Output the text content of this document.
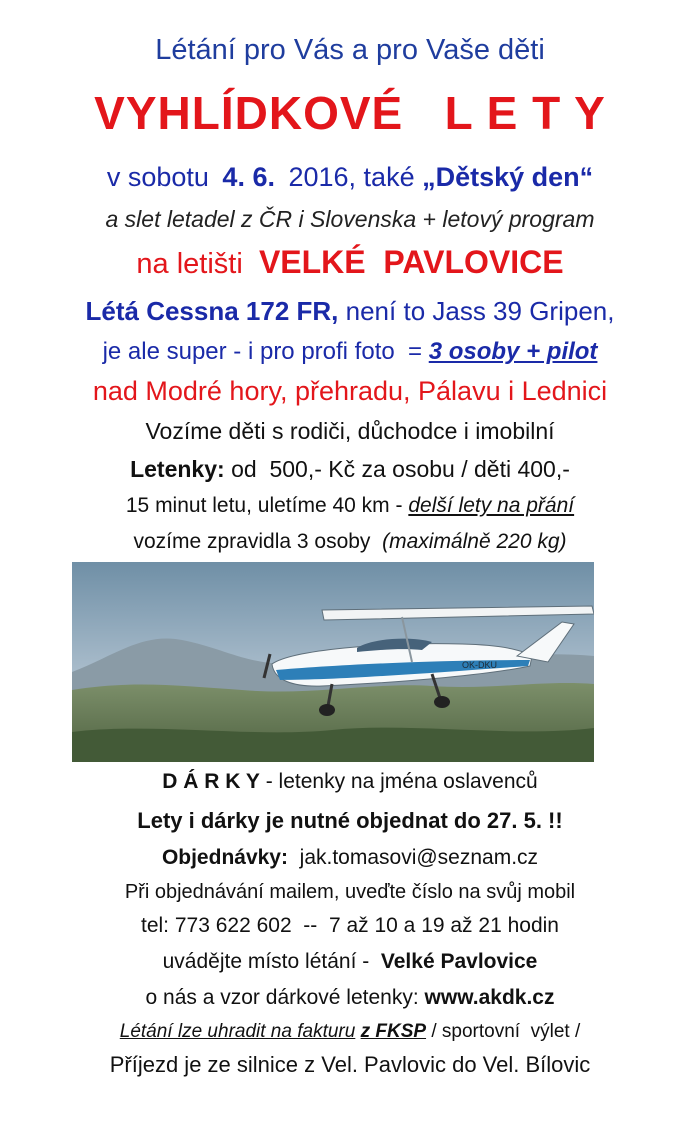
Létání pro Vás a pro Vaše děti
VYHLÍDKOVÉ L E T Y
v sobotu 4. 6. 2016, také „Dětský den“
a slet letadel z ČR i Slovenska + letový program
na letišti VELKÉ  PAVLOVICE
Létá Cessna 172 FR, není to Jass 39 Gripen,
je ale super - i pro profi foto  = 3 osoby + pilot
nad Modré hory, přehradu, Pálavu i Lednici
Vozíme děti s rodiči, důchodce i imobilní
Letenky: od  500,- Kč za osobu / děti 400,-
15 minut letu, uletíme 40 km - delší lety na přání
vozíme zpravidla 3 osoby (maximálně 220 kg)
OK-DKU
D Á R K Y - letenky na jména oslavenců
Lety i dárky je nutné objednat do 27. 5. !!
Objednávky: jak.tomasovi@seznam.cz
Při objednávání mailem, uveďte číslo na svůj mobil
tel: 773 622 602  --  7 až 10 a 19 až 21 hodin
uvádějte místo létání - Velké Pavlovice
o nás a vzor dárkové letenky: www.akdk.cz
Létání lze uhradit na fakturu z FKSP / sportovní  výlet /
Příjezd je ze silnice z Vel. Pavlovic do Vel. Bílovic
